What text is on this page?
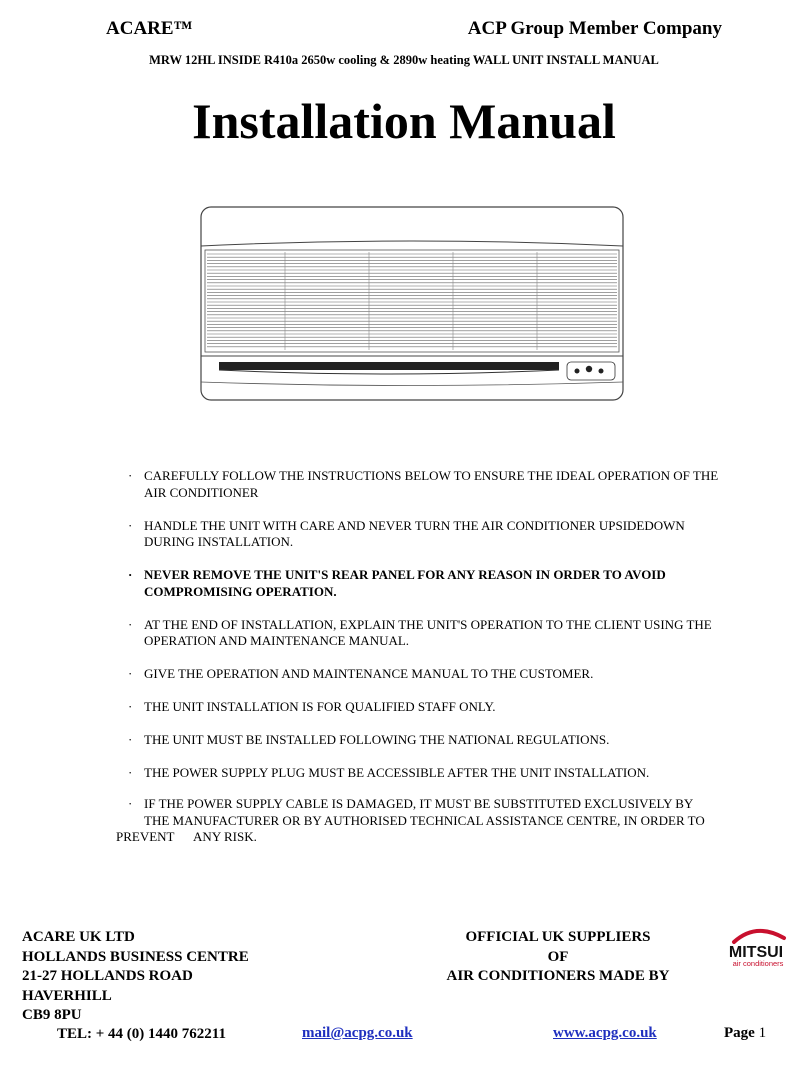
ACARE™	ACP Group Member Company
MRW 12HL INSIDE R410a 2650w cooling & 2890w heating WALL UNIT INSTALL MANUAL
Installation Manual
· CAREFULLY FOLLOW THE INSTRUCTIONS BELOW TO ENSURE THE IDEAL OPERATION OF THE AIR CONDITIONER
· HANDLE THE UNIT WITH CARE AND NEVER TURN THE AIR CONDITIONER UPSIDEDOWN DURING INSTALLATION.
· NEVER REMOVE THE UNIT'S REAR PANEL FOR ANY REASON IN ORDER TO AVOID COMPROMISING OPERATION.
· AT THE END OF INSTALLATION, EXPLAIN THE UNIT'S OPERATION TO THE CLIENT USING THE OPERATION AND MAINTENANCE MANUAL.
· GIVE THE OPERATION AND MAINTENANCE MANUAL TO THE CUSTOMER.
· THE UNIT INSTALLATION IS FOR QUALIFIED STAFF ONLY.
· THE UNIT MUST BE INSTALLED FOLLOWING THE NATIONAL REGULATIONS.
· THE POWER SUPPLY PLUG MUST BE ACCESSIBLE AFTER THE UNIT INSTALLATION.
· IF THE POWER SUPPLY CABLE IS DAMAGED, IT MUST BE SUBSTITUTED EXCLUSIVELY BY
THE MANUFACTURER OR BY AUTHORISED TECHNICAL ASSISTANCE CENTRE, IN ORDER TO
PREVENT      ANY RISK.
ACARE UK LTD
HOLLANDS BUSINESS CENTRE
21-27 HOLLANDS ROAD
HAVERHILL
CB9 8PU
OFFICIAL UK SUPPLIERS
OF
AIR CONDITIONERS MADE BY
MITSUI
air conditioners
TEL: + 44 (0) 1440 762211	mail@acpg.co.uk	www.acpg.co.uk	Page 1
